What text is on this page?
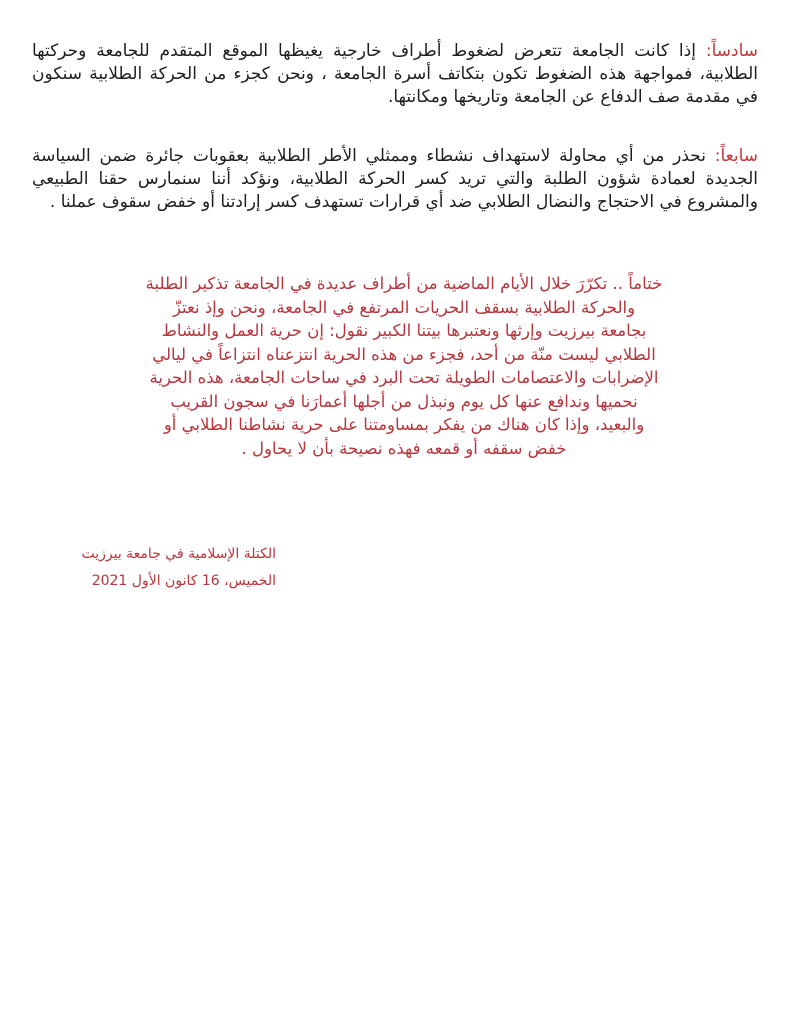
سادساً: إذا كانت الجامعة تتعرض لضغوط أطراف خارجية يغيظها الموقع المتقدم للجامعة وحركتها الطلابية، فمواجهة هذه الضغوط تكون بتكاتف أسرة الجامعة ، ونحن كجزء من الحركة الطلابية سنكون في مقدمة صف الدفاع عن الجامعة وتاريخها ومكانتها.

سابعاً: نحذر من أي محاولة لاستهداف نشطاء وممثلي الأطر الطلابية بعقوبات جائرة ضمن السياسة الجديدة لعمادة شؤون الطلبة والتي تريد كسر الحركة الطلابية، ونؤكد أننا سنمارس حقنا الطبيعي والمشروع في الاحتجاج والنضال الطلابي ضد أي قرارات تستهدف كسر إرادتنا أو خفض سقوف عملنا .

ختاماً .. تكرّرَ خلال الأيام الماضية من أطراف عديدة في الجامعة تذكير الطلبة
والحركة الطلابية بسقف الحريات المرتفع في الجامعة، ونحن وإذ نعتزّ
بجامعة بيرزيت وإرثها ونعتبرها بيتنا الكبير نقول: إن حرية العمل والنشاط
الطلابي ليست منّة من أحد، فجزء من هذه الحرية انتزعناه انتزاعاً في ليالي
الإضرابات والاعتصامات الطويلة تحت البرد في ساحات الجامعة، هذه الحرية
نحميها وندافع عنها كل يوم ونبذل من أجلها أعمارَنا في سجون القريب
والبعيد، وإذا كان هناك من يفكر بمساومتنا على حرية نشاطنا الطلابي أو
خفض سقفه أو قمعه فهذه نصيحة بأن لا يحاول .
الكتلة الإسلامية في جامعة بيرزيت
الخميس، 16 كانون الأول 2021
